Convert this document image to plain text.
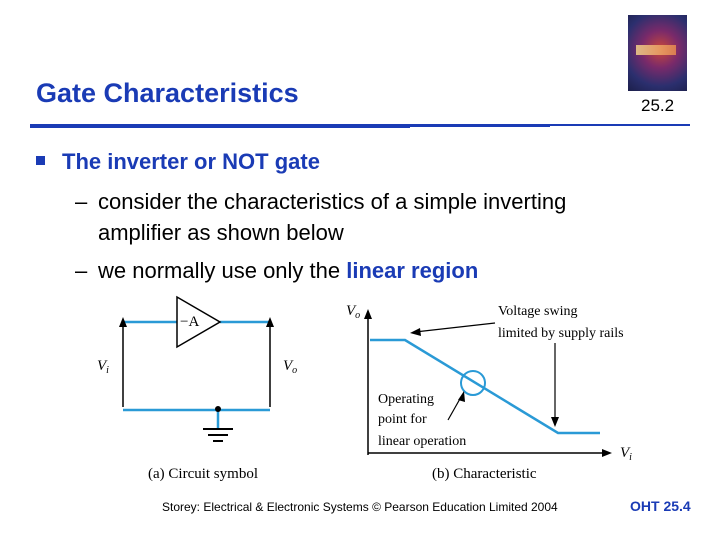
Gate Characteristics	25.2
The inverter or NOT gate
– consider the characteristics of a simple inverting amplifier as shown below
– we normally use only the linear region
−A
$V_i$	$V_o$
(a) Circuit symbol
$V_o$
$V_i$
Voltage swing
limited by supply rails
Operating
point for
linear operation
(b) Characteristic
Storey: Electrical & Electronic Systems © Pearson Education Limited 2004	OHT 25.4
